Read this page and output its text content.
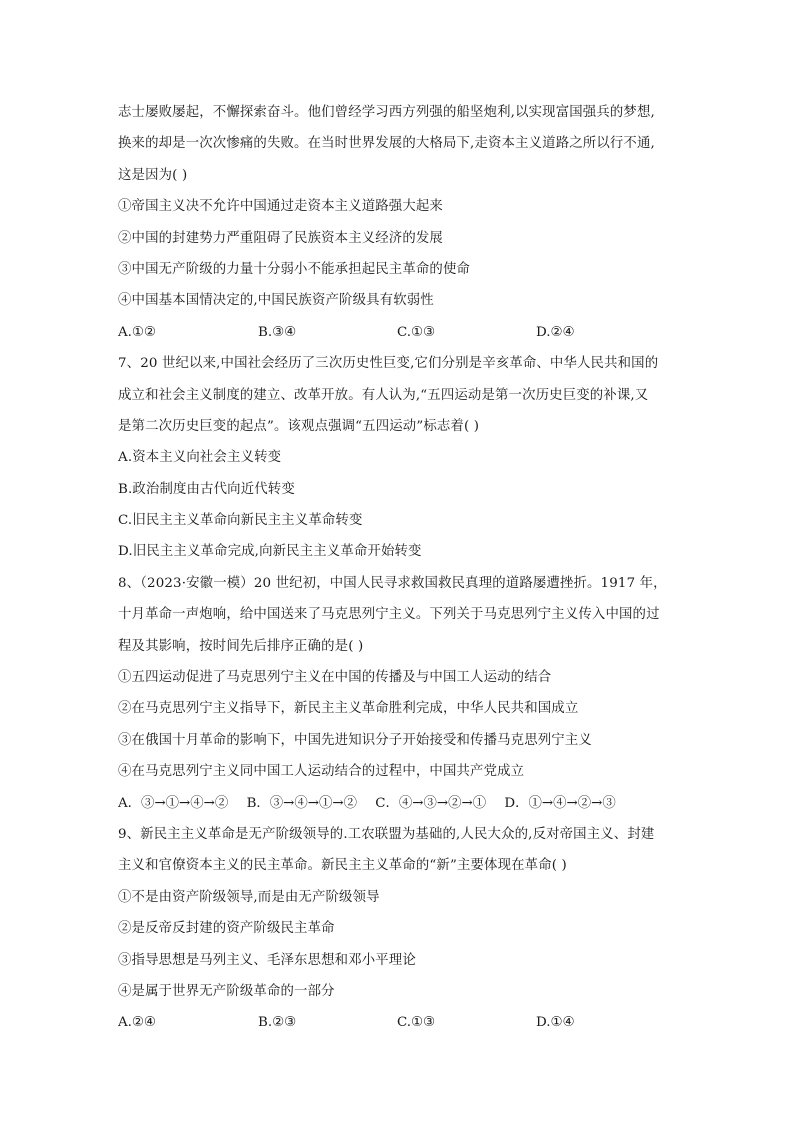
志士屡败屡起，不懈探索奋斗。他们曾经学习西方列强的船坚炮利,以实现富国强兵的梦想,
换来的却是一次次惨痛的失败。在当时世界发展的大格局下,走资本主义道路之所以行不通,
这是因为( )
①帝国主义决不允许中国通过走资本主义道路强大起来
②中国的封建势力严重阻碍了民族资本主义经济的发展
③中国无产阶级的力量十分弱小不能承担起民主革命的使命
④中国基本国情决定的,中国民族资产阶级具有软弱性
A.①②	B.③④	C.①③	D.②④
7、20 世纪以来,中国社会经历了三次历史性巨变,它们分别是辛亥革命、中华人民共和国的
成立和社会主义制度的建立、改革开放。有人认为,“五四运动是第一次历史巨变的补课,又
是第二次历史巨变的起点”。该观点强调“五四运动”标志着( )
A.资本主义向社会主义转变
B.政治制度由古代向近代转变
C.旧民主主义革命向新民主主义革命转变
D.旧民主主义革命完成,向新民主主义革命开始转变
8、（2023·安徽一模）20 世纪初，中国人民寻求救国救民真理的道路屡遭挫折。1917 年，
十月革命一声炮响，给中国送来了马克思列宁主义。下列关于马克思列宁主义传入中国的过
程及其影响，按时间先后排序正确的是( )
①五四运动促进了马克思列宁主义在中国的传播及与中国工人运动的结合
②在马克思列宁主义指导下，新民主主义革命胜利完成，中华人民共和国成立
③在俄国十月革命的影响下，中国先进知识分子开始接受和传播马克思列宁主义
④在马克思列宁主义同中国工人运动结合的过程中，中国共产党成立
A．③→①→④→② B．③→④→①→② C．④→③→②→① D．①→④→②→③
9、新民主主义革命是无产阶级领导的.工农联盟为基础的,人民大众的,反对帝国主义、封建
主义和官僚资本主义的民主革命。新民主主义革命的“新”主要体现在革命( )
①不是由资产阶级领导,而是由无产阶级领导
②是反帝反封建的资产阶级民主革命
③指导思想是马列主义、毛泽东思想和邓小平理论
④是属于世界无产阶级革命的一部分
A.②④	B.②③	C.①③	D.①④
